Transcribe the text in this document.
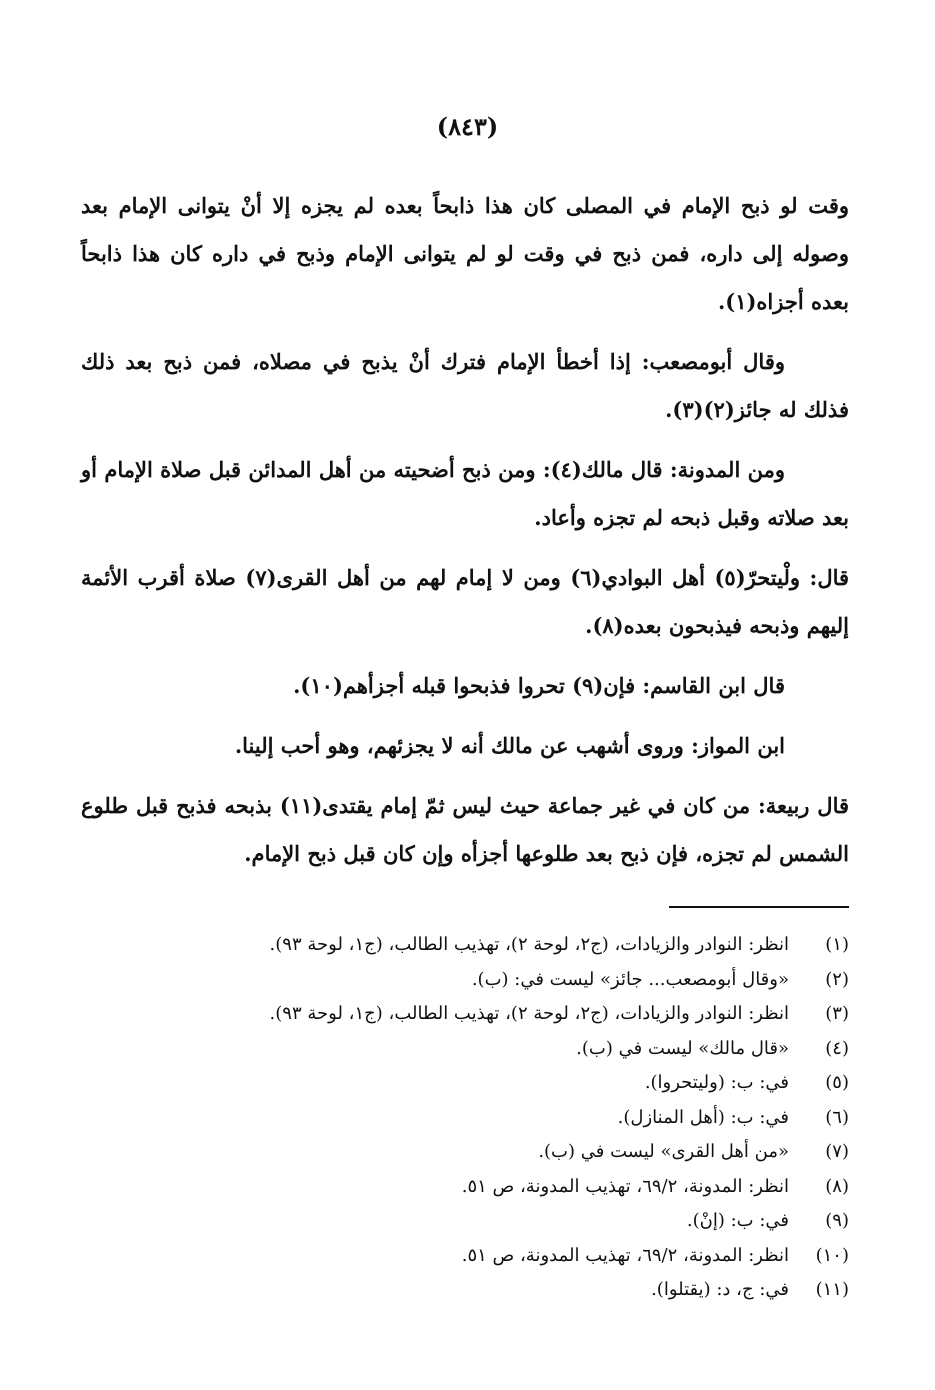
(٨٤٣)

وقت لو ذبح الإمام في المصلى كان هذا ذابحاً بعده لم يجزه إلا أنْ يتوانى الإمام بعد وصوله إلى داره، فمن ذبح في وقت لو لم يتوانى الإمام وذبح في داره كان هذا ذابحاً بعده أجزاه(١).

وقال أبومصعب: إذا أخطأ الإمام فترك أنْ يذبح في مصلاه، فمن ذبح بعد ذلك فذلك له جائز(٢)(٣).

ومن المدونة: قال مالك(٤): ومن ذبح أضحيته من أهل المدائن قبل صلاة الإمام أو بعد صلاته وقبل ذبحه لم تجزه وأعاد.

قال: ولْيتحرّ(٥) أهل البوادي(٦) ومن لا إمام لهم من أهل القرى(٧) صلاة أقرب الأئمة إليهم وذبحه فيذبحون بعده(٨).

قال ابن القاسم: فإن(٩) تحروا فذبحوا قبله أجزأهم(١٠).

ابن المواز: وروى أشهب عن مالك أنه لا يجزئهم، وهو أحب إلينا.

قال ربيعة: من كان في غير جماعة حيث ليس ثمّ إمام يقتدى(١١) بذبحه فذبح قبل طلوع الشمس لم تجزه، فإن ذبح بعد طلوعها أجزأه وإن كان قبل ذبح الإمام.

(١)
انظر: النوادر والزيادات، (ج٢، لوحة ٢)، تهذيب الطالب، (ج١، لوحة ٩٣).
(٢)
«وقال أبومصعب... جائز» ليست في: (ب).
(٣)
انظر: النوادر والزيادات، (ج٢، لوحة ٢)، تهذيب الطالب، (ج١، لوحة ٩٣).
(٤)
«قال مالك» ليست في (ب).
(٥)
في: ب: (وليتحروا).
(٦)
في: ب: (أهل المنازل).
(٧)
«من أهل القرى» ليست في (ب).
(٨)
انظر: المدونة، ٦٩/٢، تهذيب المدونة، ص ٥١.
(٩)
في: ب: (إنْ).
(١٠)
انظر: المدونة، ٦٩/٢، تهذيب المدونة، ص ٥١.
(١١)
في: ج، د: (يقتلوا).
